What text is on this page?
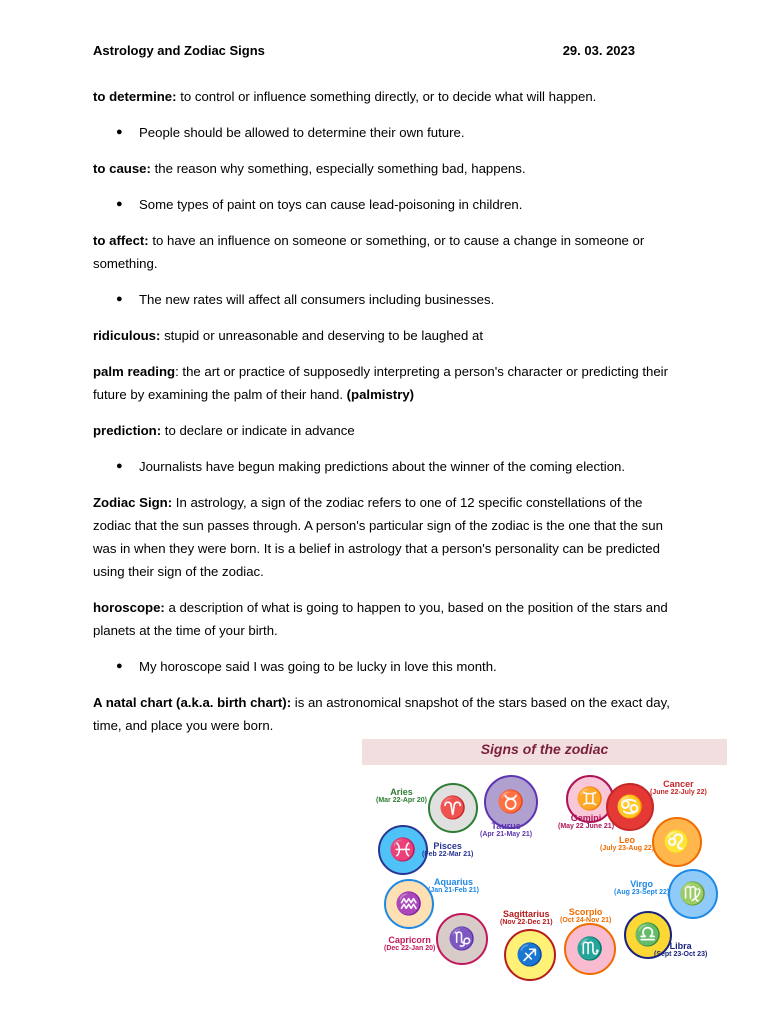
Astrology and Zodiac Signs	29. 03. 2023

to determine: to control or influence something directly, or to decide what will happen.

● People should be allowed to determine their own future.

to cause: the reason why something, especially something bad, happens.

● Some types of paint on toys can cause lead-poisoning in children.

to affect: to have an influence on someone or something, or to cause a change in someone or something.

● The new rates will affect all consumers including businesses.

ridiculous: stupid or unreasonable and deserving to be laughed at

palm reading: the art or practice of supposedly interpreting a person's character or predicting their future by examining the palm of their hand. (palmistry)

prediction: to declare or indicate in advance

● Journalists have begun making predictions about the winner of the coming election.

Zodiac Sign: In astrology, a sign of the zodiac refers to one of 12 specific constellations of the zodiac that the sun passes through. A person's particular sign of the zodiac is the one that the sun was in when they were born. It is a belief in astrology that a person's personality can be predicted using their sign of the zodiac.

horoscope: a description of what is going to happen to you, based on the position of the stars and planets at the time of your birth.

● My horoscope said I was going to be lucky in love this month.

A natal chart (a.k.a. birth chart): is an astronomical snapshot of the stars based on the exact day, time, and place you were born.

Signs of the zodiac
♈
Aries
(Mar 22-Apr 20)	♉
Taurus
(Apr 21-May 21)
♊
Gemini
(May 22 June 21)
♋
Cancer
(June 22-July 22)
♌
Leo
(July 23-Aug 22)
♍
Virgo
(Aug 23-Sept 22)
♎ Libra
(Sept 23-Oct 23)
♏
Scorpio
(Oct 24-Nov 21)
♐
Sagittarius
(Nov 22-Dec 21)
♑
Capricorn
(Dec 22-Jan 20)
♒
Aquarius
(Jan 21-Feb 21)
♓	Pisces
(Feb 22-Mar 21)
